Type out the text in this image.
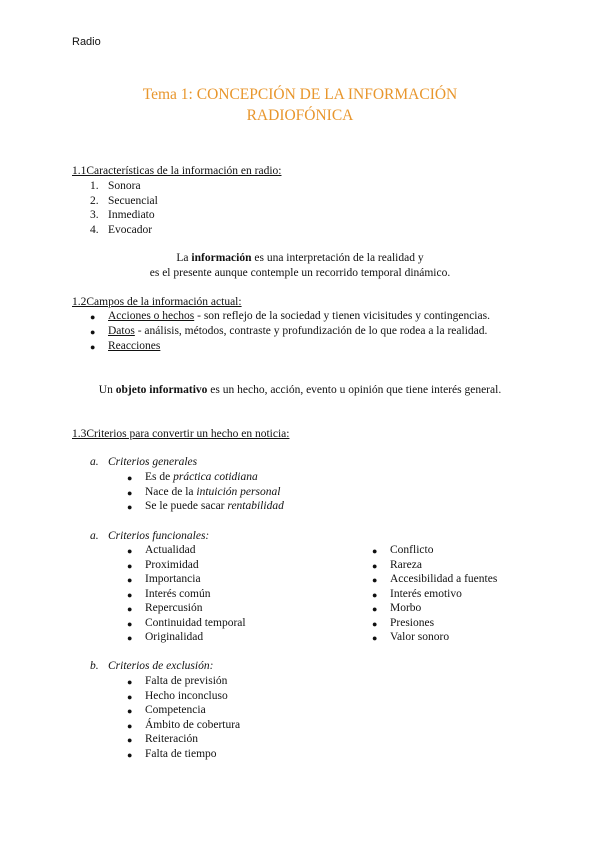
Radio
Tema 1: CONCEPCIÓN DE LA INFORMACIÓN
RADIOFÓNICA
1.1Características de la información en radio:
1. Sonora
2. Secuencial
3. Inmediato
4. Evocador
La información es una interpretación de la realidad y
es el presente aunque contemple un recorrido temporal dinámico.
1.2Campos de la información actual:
● Acciones o hechos - son reflejo de la sociedad y tienen vicisitudes y contingencias.
● Datos - análisis, métodos, contraste y profundización de lo que rodea a la realidad.
● Reacciones
Un objeto informativo es un hecho, acción, evento u opinión que tiene interés general.
1.3Criterios para convertir un hecho en noticia:
a. Criterios generales
● Es de práctica cotidiana
● Nace de la intuición personal
● Se le puede sacar rentabilidad
a. Criterios funcionales:
● Actualidad
● Proximidad
● Importancia
● Interés común
● Repercusión
● Continuidad temporal
● Originalidad
● Conflicto
● Rareza
● Accesibilidad a fuentes
● Interés emotivo
● Morbo
● Presiones
● Valor sonoro
b. Criterios de exclusión:
● Falta de previsión
● Hecho inconcluso
● Competencia
● Ámbito de cobertura
● Reiteración
● Falta de tiempo
